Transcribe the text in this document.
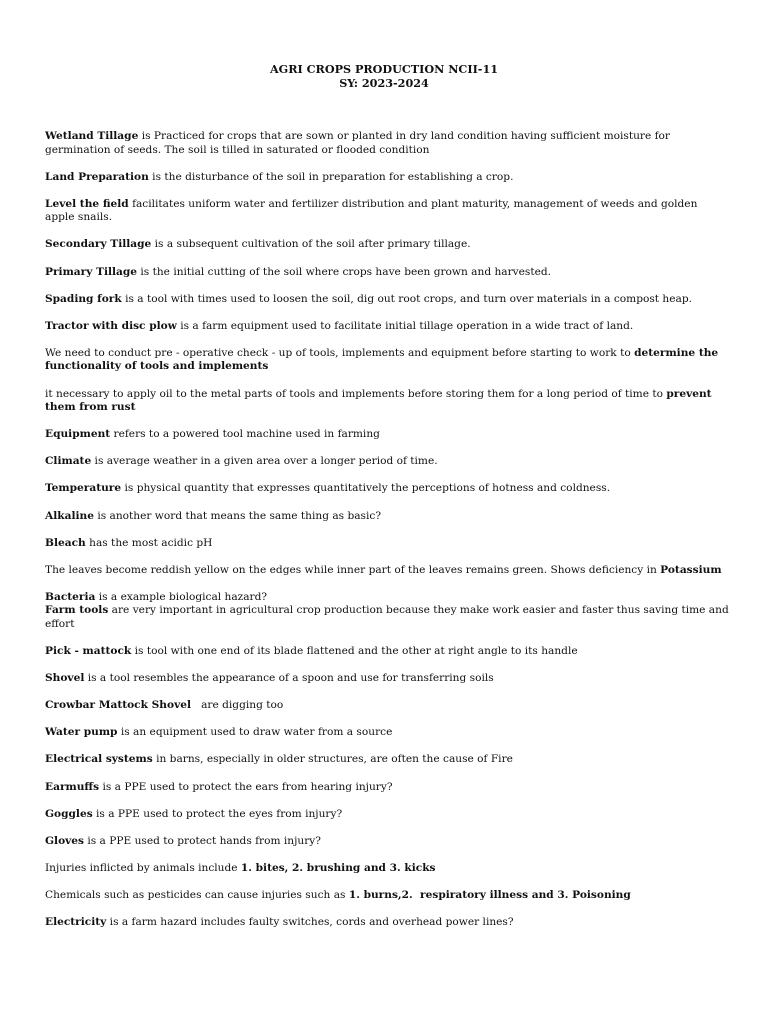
AGRI CROPS PRODUCTION NCII-11
SY: 2023-2024

Wetland Tillage is Practiced for crops that are sown or planted in dry land condition having sufficient moisture for germination of seeds. The soil is tilled in saturated or flooded condition

Land Preparation is the disturbance of the soil in preparation for establishing a crop.

Level the field facilitates uniform water and fertilizer distribution and plant maturity, management of weeds and golden apple snails.

Secondary Tillage is a subsequent cultivation of the soil after primary tillage.

Primary Tillage is the initial cutting of the soil where crops have been grown and harvested.

Spading fork is a tool with times used to loosen the soil, dig out root crops, and turn over materials in a compost heap.

Tractor with disc plow is a farm equipment used to facilitate initial tillage operation in a wide tract of land.

We need to conduct pre - operative check - up of tools, implements and equipment before starting to work to determine the functionality of tools and implements

it necessary to apply oil to the metal parts of tools and implements before storing them for a long period of time to prevent them from rust

Equipment refers to a powered tool machine used in farming

Climate is average weather in a given area over a longer period of time.

Temperature is physical quantity that expresses quantitatively the perceptions of hotness and coldness.

Alkaline is another word that means the same thing as basic?

Bleach has the most acidic pH

The leaves become reddish yellow on the edges while inner part of the leaves remains green. Shows deficiency in Potassium

Bacteria is a example biological hazard?

Farm tools are very important in agricultural crop production because they make work easier and faster thus saving time and effort

Pick - mattock is tool with one end of its blade flattened and the other at right angle to its handle

Shovel is a tool resembles the appearance of a spoon and use for transferring soils

Crowbar Mattock Shovel   are digging too

Water pump is an equipment used to draw water from a source

Electrical systems in barns, especially in older structures, are often the cause of Fire

Earmuffs is a PPE used to protect the ears from hearing injury?

Goggles is a PPE used to protect the eyes from injury?

Gloves is a PPE used to protect hands from injury?

Injuries inflicted by animals include 1. bites, 2. brushing and 3. kicks

Chemicals such as pesticides can cause injuries such as 1. burns,2.  respiratory illness and 3. Poisoning

Electricity is a farm hazard includes faulty switches, cords and overhead power lines?
